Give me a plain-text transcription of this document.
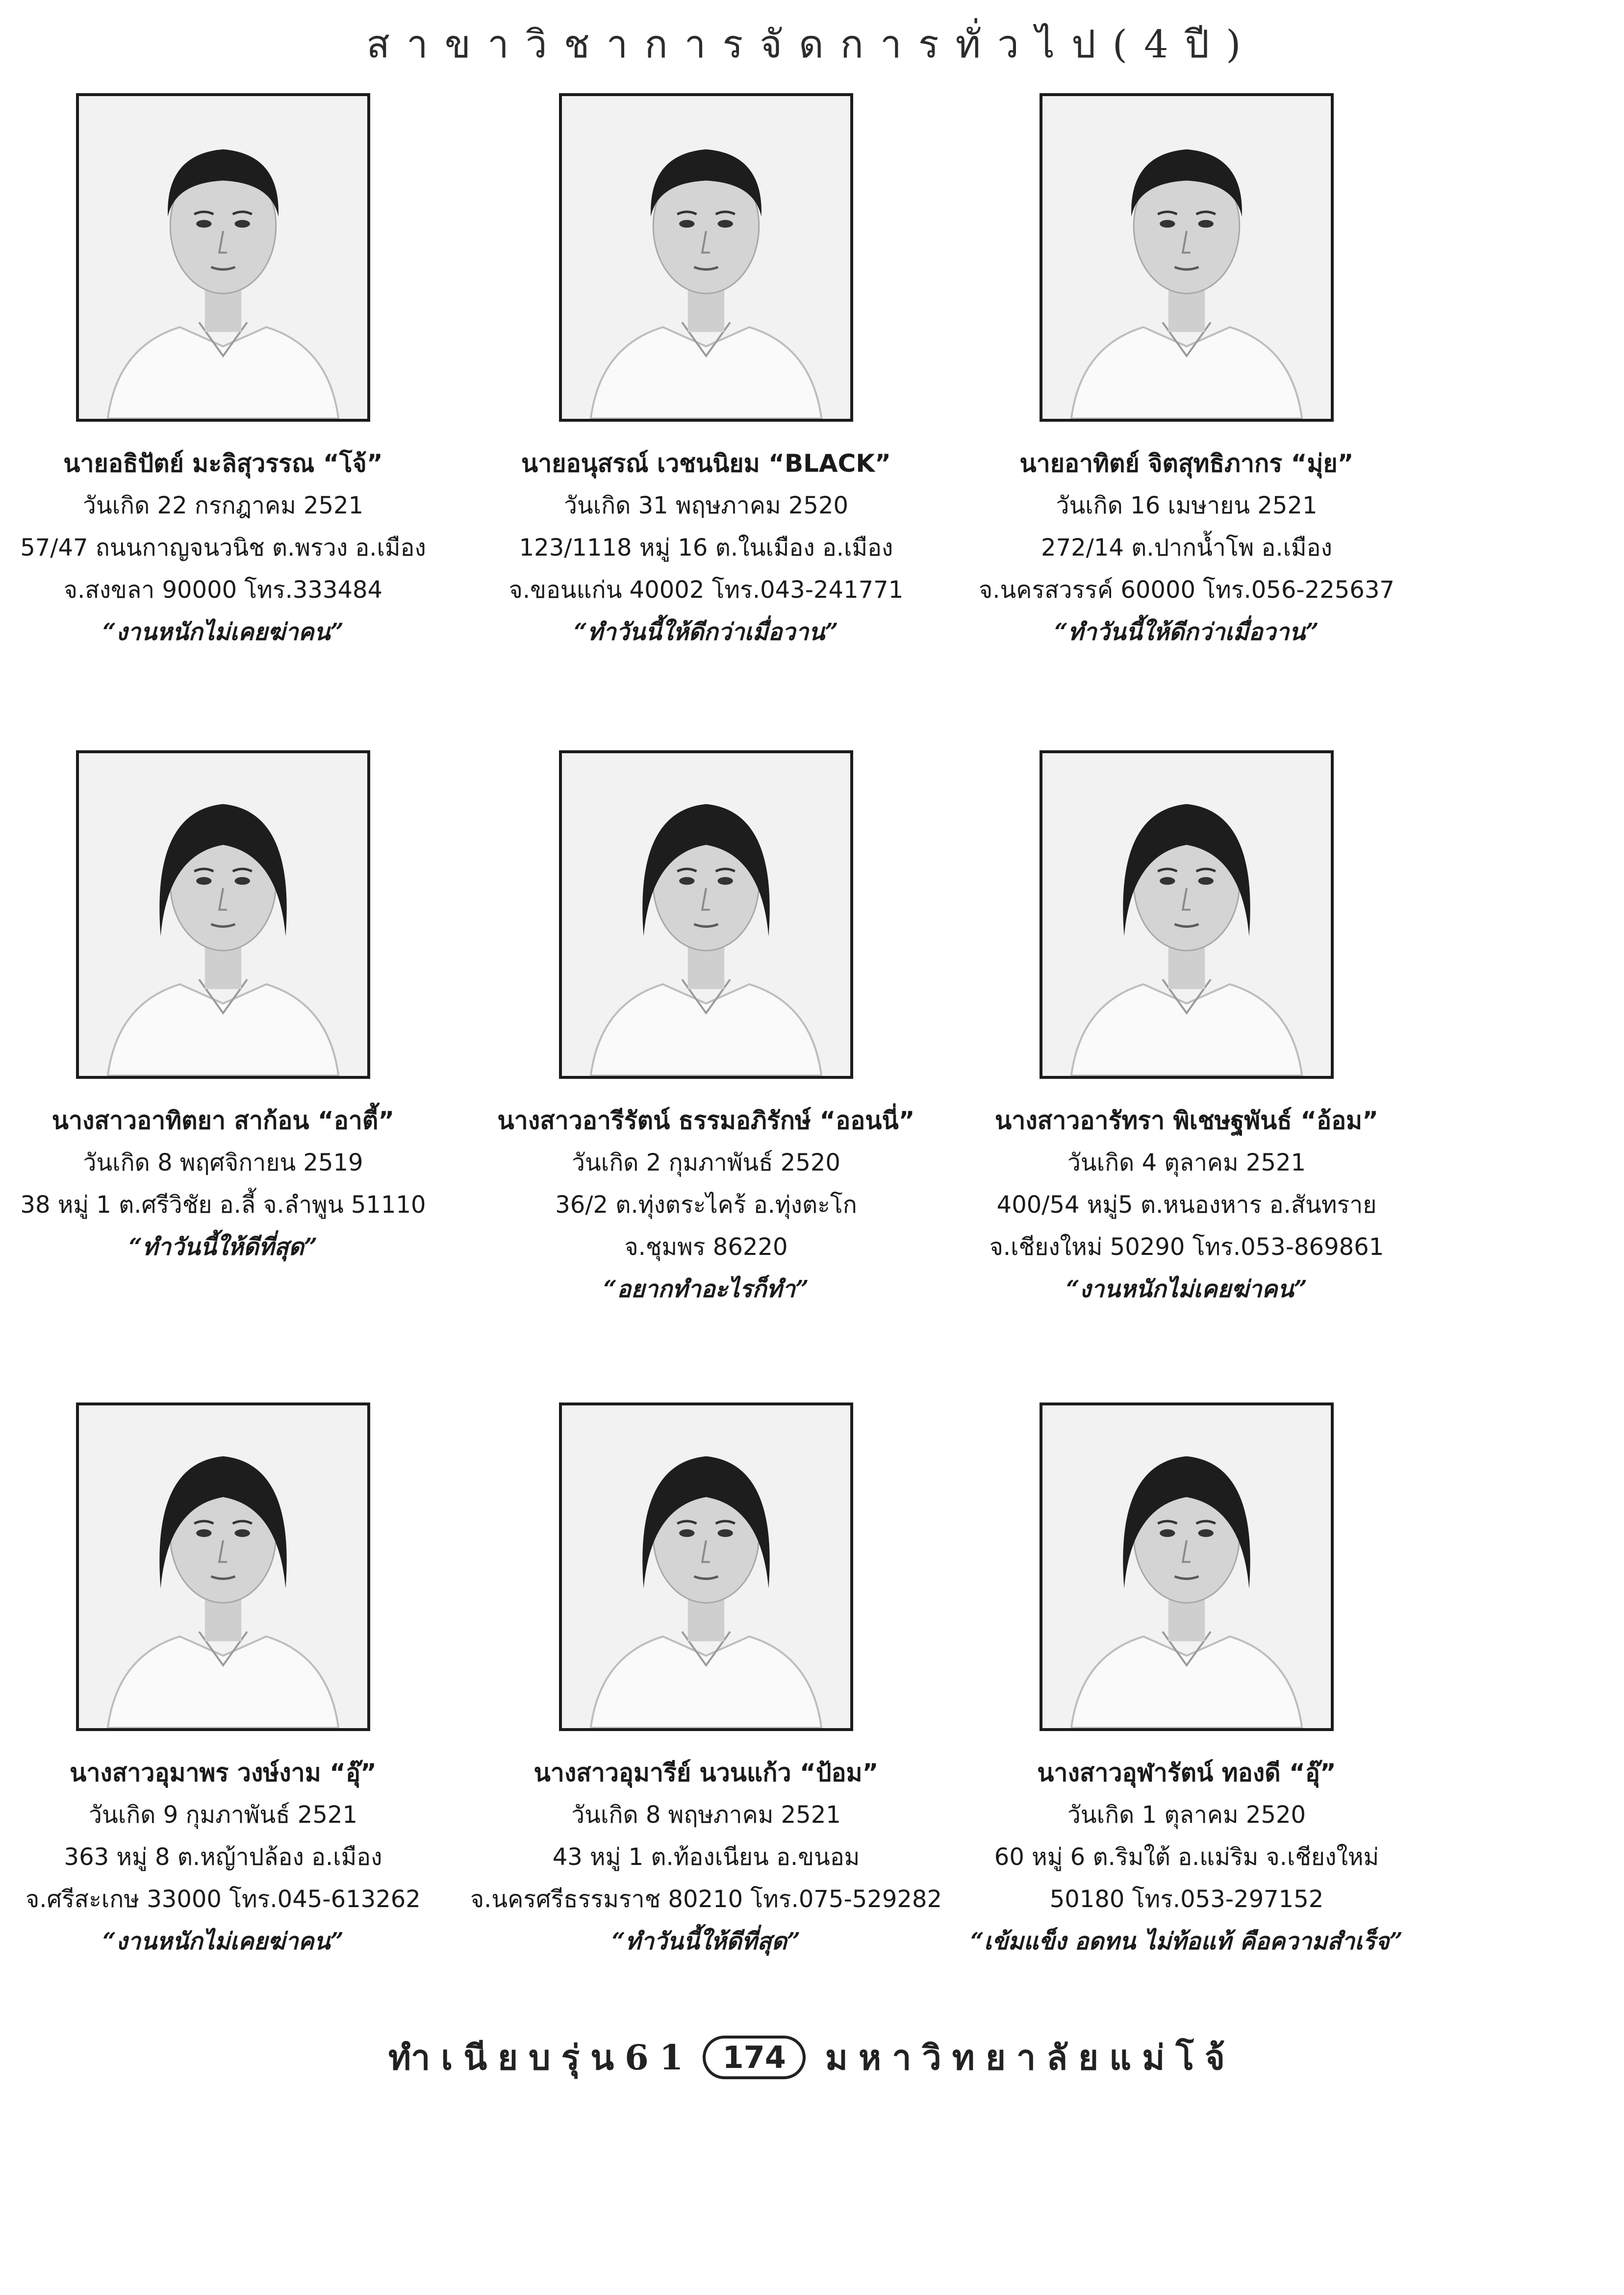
สาขาวิชาการจัดการทั่วไป(4ปี)
นายอธิปัตย์ มะลิสุวรรณ “โจ้”
วันเกิด 22 กรกฎาคม 2521
57/47 ถนนกาญจนวนิช ต.พรวง อ.เมือง
จ.สงขลา 90000 โทร.333484
“งานหนักไม่เคยฆ่าคน”
นายอนุสรณ์ เวชนนิยม “BLACK”
วันเกิด 31 พฤษภาคม 2520
123/1118 หมู่ 16 ต.ในเมือง อ.เมือง
จ.ขอนแก่น 40002 โทร.043-241771
“ทำวันนี้ให้ดีกว่าเมื่อวาน”
นายอาทิตย์ จิตสุทธิภากร “มุ่ย”
วันเกิด 16 เมษายน 2521
272/14 ต.ปากน้ำโพ อ.เมือง
จ.นครสวรรค์ 60000 โทร.056-225637
“ทำวันนี้ให้ดีกว่าเมื่อวาน”
นางสาวอาทิตยา สาก้อน “อาตี้”
วันเกิด 8 พฤศจิกายน 2519
38 หมู่ 1 ต.ศรีวิชัย อ.ลี้ จ.ลำพูน 51110
“ทำวันนี้ให้ดีที่สุด”
นางสาวอารีรัตน์ ธรรมอภิรักษ์ “ออนนี่”
วันเกิด 2 กุมภาพันธ์ 2520
36/2 ต.ทุ่งตระไคร้ อ.ทุ่งตะโก
จ.ชุมพร 86220
“อยากทำอะไรก็ทำ”
นางสาวอารัทรา พิเชษฐพันธ์ “อ้อม”
วันเกิด 4 ตุลาคม 2521
400/54 หมู่5 ต.หนองหาร อ.สันทราย
จ.เชียงใหม่ 50290 โทร.053-869861
“งานหนักไม่เคยฆ่าคน”
นางสาวอุมาพร วงษ์งาม “อุ๊”
วันเกิด 9 กุมภาพันธ์ 2521
363 หมู่ 8 ต.หญ้าปล้อง อ.เมือง
จ.ศรีสะเกษ 33000 โทร.045-613262
“งานหนักไม่เคยฆ่าคน”
นางสาวอุมารีย์ นวนแก้ว “ป้อม”
วันเกิด 8 พฤษภาคม 2521
43 หมู่ 1 ต.ท้องเนียน อ.ขนอม
จ.นครศรีธรรมราช 80210 โทร.075-529282
“ทำวันนี้ให้ดีที่สุด”
นางสาวอุฬารัตน์ ทองดี “อุ๊”
วันเกิด 1 ตุลาคม 2520
60 หมู่ 6 ต.ริมใต้ อ.แม่ริม จ.เชียงใหม่
50180 โทร.053-297152
“เข้มแข็ง อดทน ไม่ท้อแท้ คือความสำเร็จ”
ทำเนียบรุ่น61 174 มหาวิทยาลัยแม่โจ้
